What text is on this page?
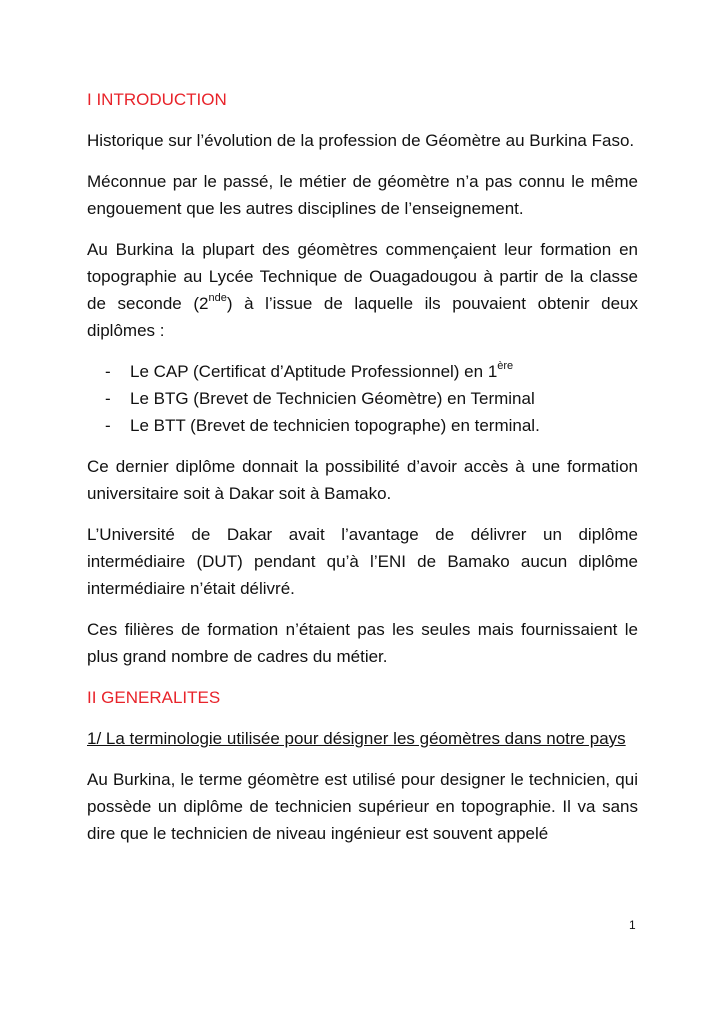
I INTRODUCTION

Historique sur l’évolution de la profession de Géomètre au Burkina Faso.

Méconnue par le passé, le métier de géomètre n’a pas connu le même engouement que les autres disciplines de l’enseignement.

Au Burkina la plupart des géomètres commençaient leur formation en topographie au Lycée Technique de Ouagadougou à partir de la classe de seconde (2nde) à l’issue de laquelle ils pouvaient obtenir deux diplômes :

- Le CAP (Certificat d’Aptitude Professionnel) en 1ère
- Le BTG (Brevet de Technicien Géomètre) en Terminal
- Le BTT (Brevet de technicien topographe) en terminal.

Ce dernier diplôme donnait la possibilité d’avoir accès à une formation universitaire soit à Dakar soit à Bamako.

L’Université de Dakar avait l’avantage de délivrer un diplôme intermédiaire (DUT) pendant qu’à l’ENI de Bamako aucun diplôme intermédiaire n’était délivré.

Ces filières de formation n’étaient pas les seules mais fournissaient le plus grand nombre de cadres du métier.

II GENERALITES

1/ La terminologie utilisée pour désigner les géomètres dans notre pays

Au Burkina, le terme géomètre est utilisé pour designer le technicien, qui possède un diplôme de technicien supérieur en topographie. Il va sans dire que le technicien de niveau ingénieur est souvent appelé

1
